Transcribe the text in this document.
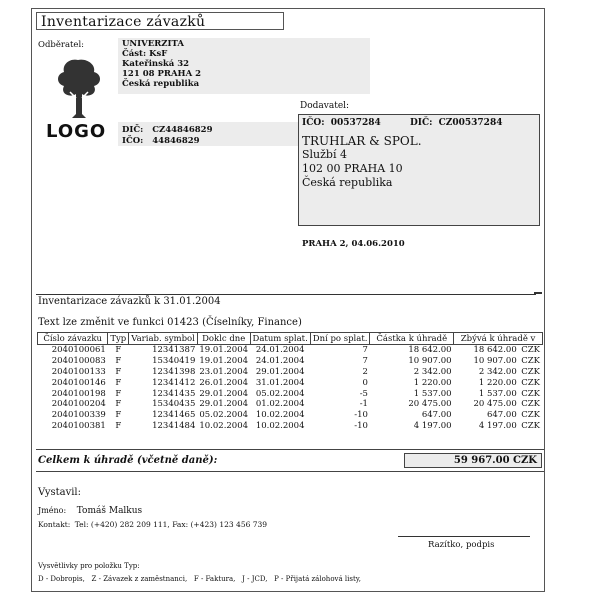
Inventarizace závazků
Odběratel:	UNIVERZITA
Část: KsF
Kateřinská 32
121 08 PRAHA 2
Česká republika
DIČ: CZ44846829
IČO: 44846829
LOGO
Dodavatel:
IČO: 00537284	DIČ: CZ00537284
TRUHLAR & SPOL.
Službí 4
102 00 PRAHA 10
Česká republika
PRAHA 2, 04.06.2010
Inventarizace závazků k 31.01.2004
Text lze změnit ve funkci 01423 (Číselníky, Finance)
Číslo závazku	Typ	Variab. symbol	Doklc dne	Datum splat.	Dní po splat.	Částka k úhradě	Zbývá k úhradě v	
2040100061	F	12341387	19.01.2004	24.01.2004	7	18 642.00	18 642.00	CZK
2040100083	F	15340419	19.01.2004	24.01.2004	7	10 907.00	10 907.00	CZK
2040100133	F	12341398	23.01.2004	29.01.2004	2	2 342.00	2 342.00	CZK
2040100146	F	12341412	26.01.2004	31.01.2004	0	1 220.00	1 220.00	CZK
2040100198	F	12341435	29.01.2004	05.02.2004	-5	1 537.00	1 537.00	CZK
2040100204	F	15340435	29.01.2004	01.02.2004	-1	20 475.00	20 475.00	CZK
2040100339	F	12341465	05.02.2004	10.02.2004	-10	647.00	647.00	CZK
2040100381	F	12341484	10.02.2004	10.02.2004	-10	4 197.00	4 197.00	CZK
Celkem k úhradě (včetně daně):	59 967.00 CZK
Vystavil:
Jméno: Tomáš Malkus
Kontakt: Tel: (+420) 282 209 111, Fax: (+423) 123 456 739
Razítko, podpis
Vysvětlivky pro položku Typ:
D - Dobropis,   Z - Závazek z zaměstnanci,   F - Faktura,   J - JCD,   P - Přijatá zálohová listy,
